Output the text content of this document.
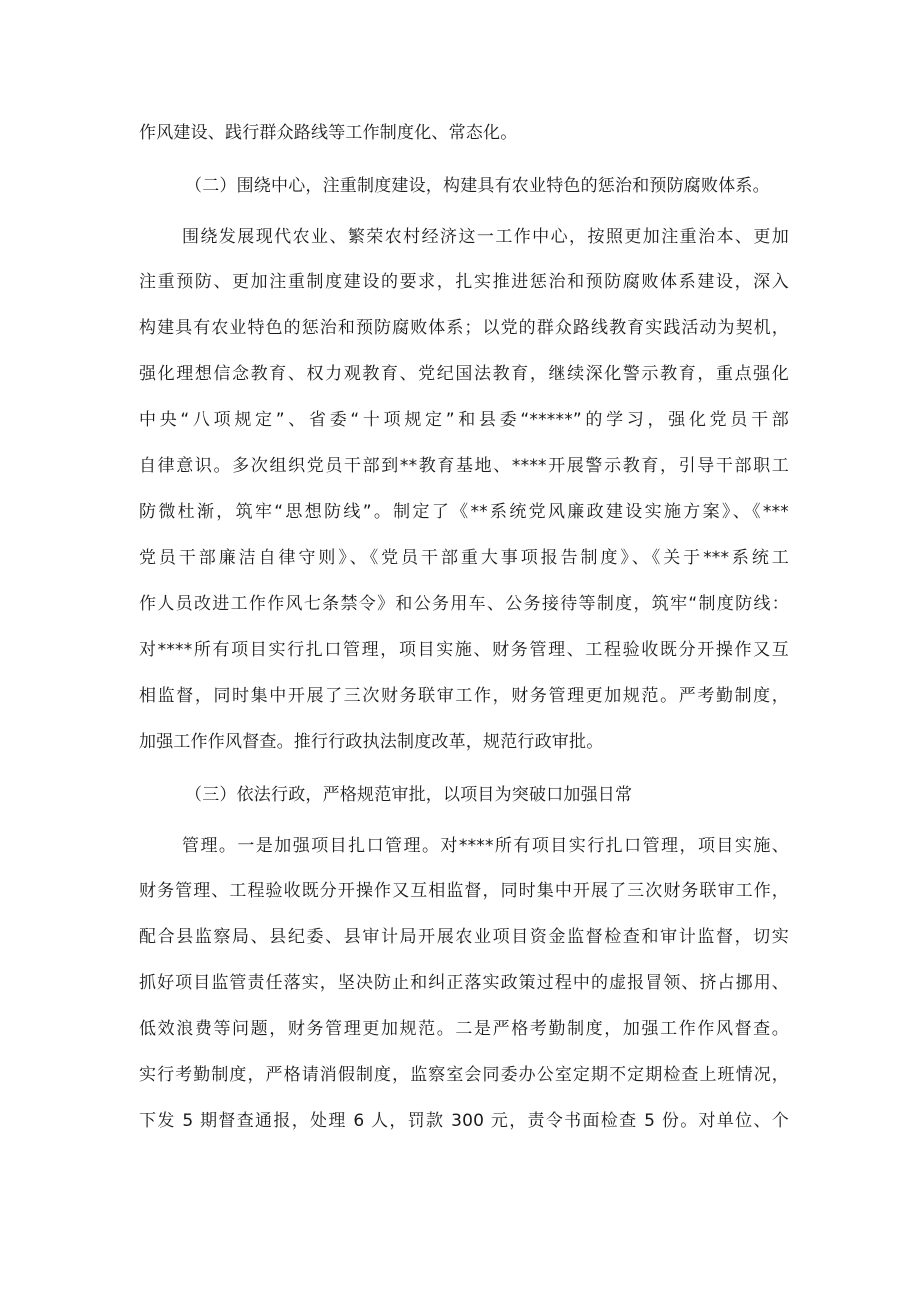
作风建设、践行群众路线等工作制度化、常态化。
（二）围绕中心，注重制度建设，构建具有农业特色的惩治和预防腐败体系。
围绕发展现代农业、繁荣农村经济这一工作中心，按照更加注重治本、更加
注重预防、更加注重制度建设的要求，扎实推进惩治和预防腐败体系建设，深入
构建具有农业特色的惩治和预防腐败体系；以党的群众路线教育实践活动为契机，
强化理想信念教育、权力观教育、党纪国法教育，继续深化警示教育，重点强化
中央“八项规定”、省委“十项规定”和县委“*****”的学习，强化党员干部
自律意识。多次组织党员干部到**教育基地、****开展警示教育，引导干部职工
防微杜渐，筑牢“思想防线”。制定了《**系统党风廉政建设实施方案》、《***
党员干部廉洁自律守则》、《党员干部重大事项报告制度》、《关于***系统工
作人员改进工作作风七条禁令》和公务用车、公务接待等制度，筑牢“制度防线：
对****所有项目实行扎口管理，项目实施、财务管理、工程验收既分开操作又互
相监督，同时集中开展了三次财务联审工作，财务管理更加规范。严考勤制度，
加强工作作风督查。推行行政执法制度改革，规范行政审批。
（三）依法行政，严格规范审批，以项目为突破口加强日常
管理。一是加强项目扎口管理。对****所有项目实行扎口管理，项目实施、
财务管理、工程验收既分开操作又互相监督，同时集中开展了三次财务联审工作，
配合县监察局、县纪委、县审计局开展农业项目资金监督检查和审计监督，切实
抓好项目监管责任落实，坚决防止和纠正落实政策过程中的虚报冒领、挤占挪用、
低效浪费等问题，财务管理更加规范。二是严格考勤制度，加强工作作风督查。
实行考勤制度，严格请消假制度，监察室会同委办公室定期不定期检查上班情况，
下发 5 期督查通报，处理 6 人，罚款 300 元，责令书面检查 5 份。对单位、个
